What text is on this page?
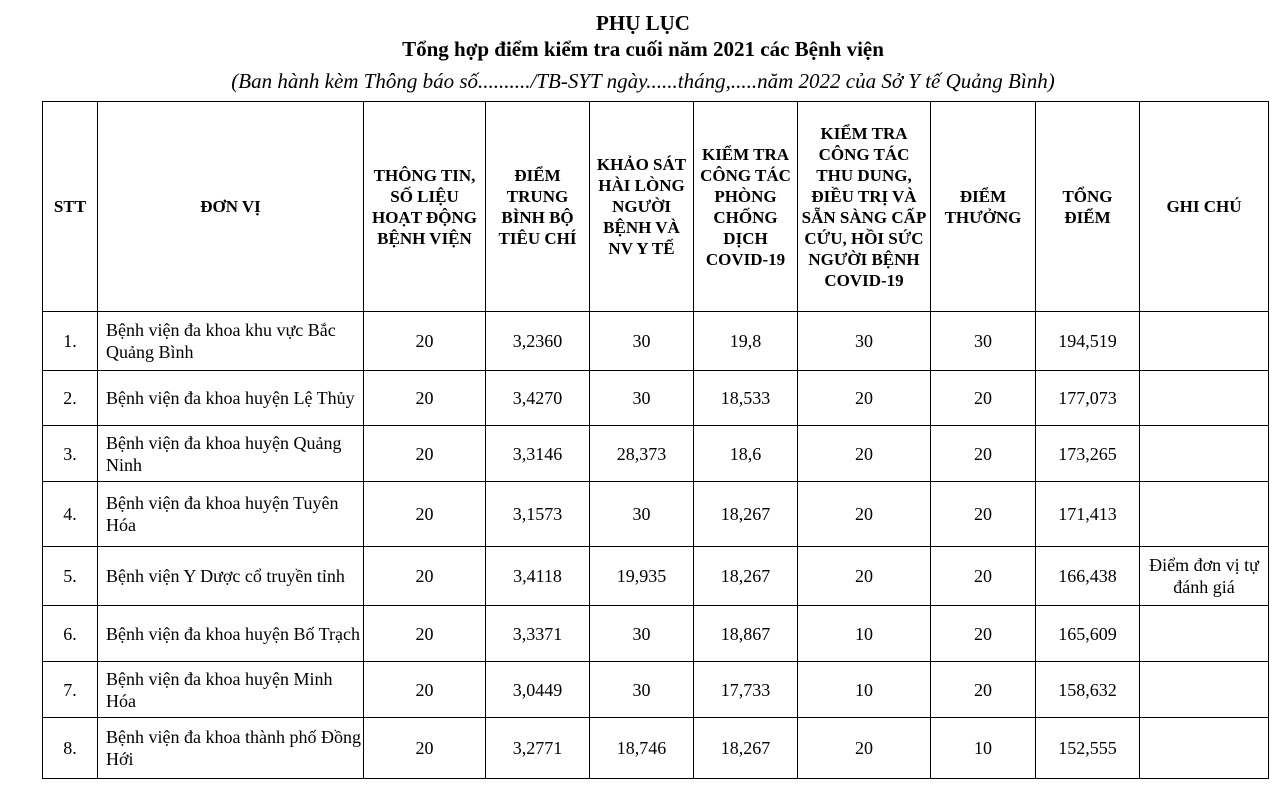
PHỤ LỤC
Tổng hợp điểm kiểm tra cuối năm 2021 các Bệnh viện
(Ban hành kèm Thông báo số........../TB-SYT ngày......tháng,.....năm 2022 của Sở Y tế Quảng Bình)
STT	ĐƠN VỊ	THÔNG TIN, SỐ LIỆU HOẠT ĐỘNG BỆNH VIỆN	ĐIỂM TRUNG BÌNH BỘ TIÊU CHÍ	KHẢO SÁT HÀI LÒNG NGƯỜI BỆNH VÀ NV Y TẾ	KIỂM TRA CÔNG TÁC PHÒNG CHỐNG DỊCH COVID-19	KIỂM TRA CÔNG TÁC THU DUNG, ĐIỀU TRỊ VÀ SẴN SÀNG CẤP CỨU, HỒI SỨC NGƯỜI BỆNH COVID-19	ĐIỂM THƯỞNG	TỔNG ĐIỂM	GHI CHÚ
1.	Bệnh viện đa khoa khu vực Bắc Quảng Bình	20	3,2360	30	19,8	30	30	194,519	
2.	Bệnh viện đa khoa huyện Lệ Thủy	20	3,4270	30	18,533	20	20	177,073	
3.	Bệnh viện đa khoa huyện Quảng Ninh	20	3,3146	28,373	18,6	20	20	173,265	
4.	Bệnh viện đa khoa huyện Tuyên Hóa	20	3,1573	30	18,267	20	20	171,413	
5.	Bệnh viện Y Dược cổ truyền tỉnh	20	3,4118	19,935	18,267	20	20	166,438	Điểm đơn vị tự đánh giá
6.	Bệnh viện đa khoa huyện Bố Trạch	20	3,3371	30	18,867	10	20	165,609	
7.	Bệnh viện đa khoa huyện Minh Hóa	20	3,0449	30	17,733	10	20	158,632	
8.	Bệnh viện đa khoa thành phố Đồng Hới	20	3,2771	18,746	18,267	20	10	152,555	
